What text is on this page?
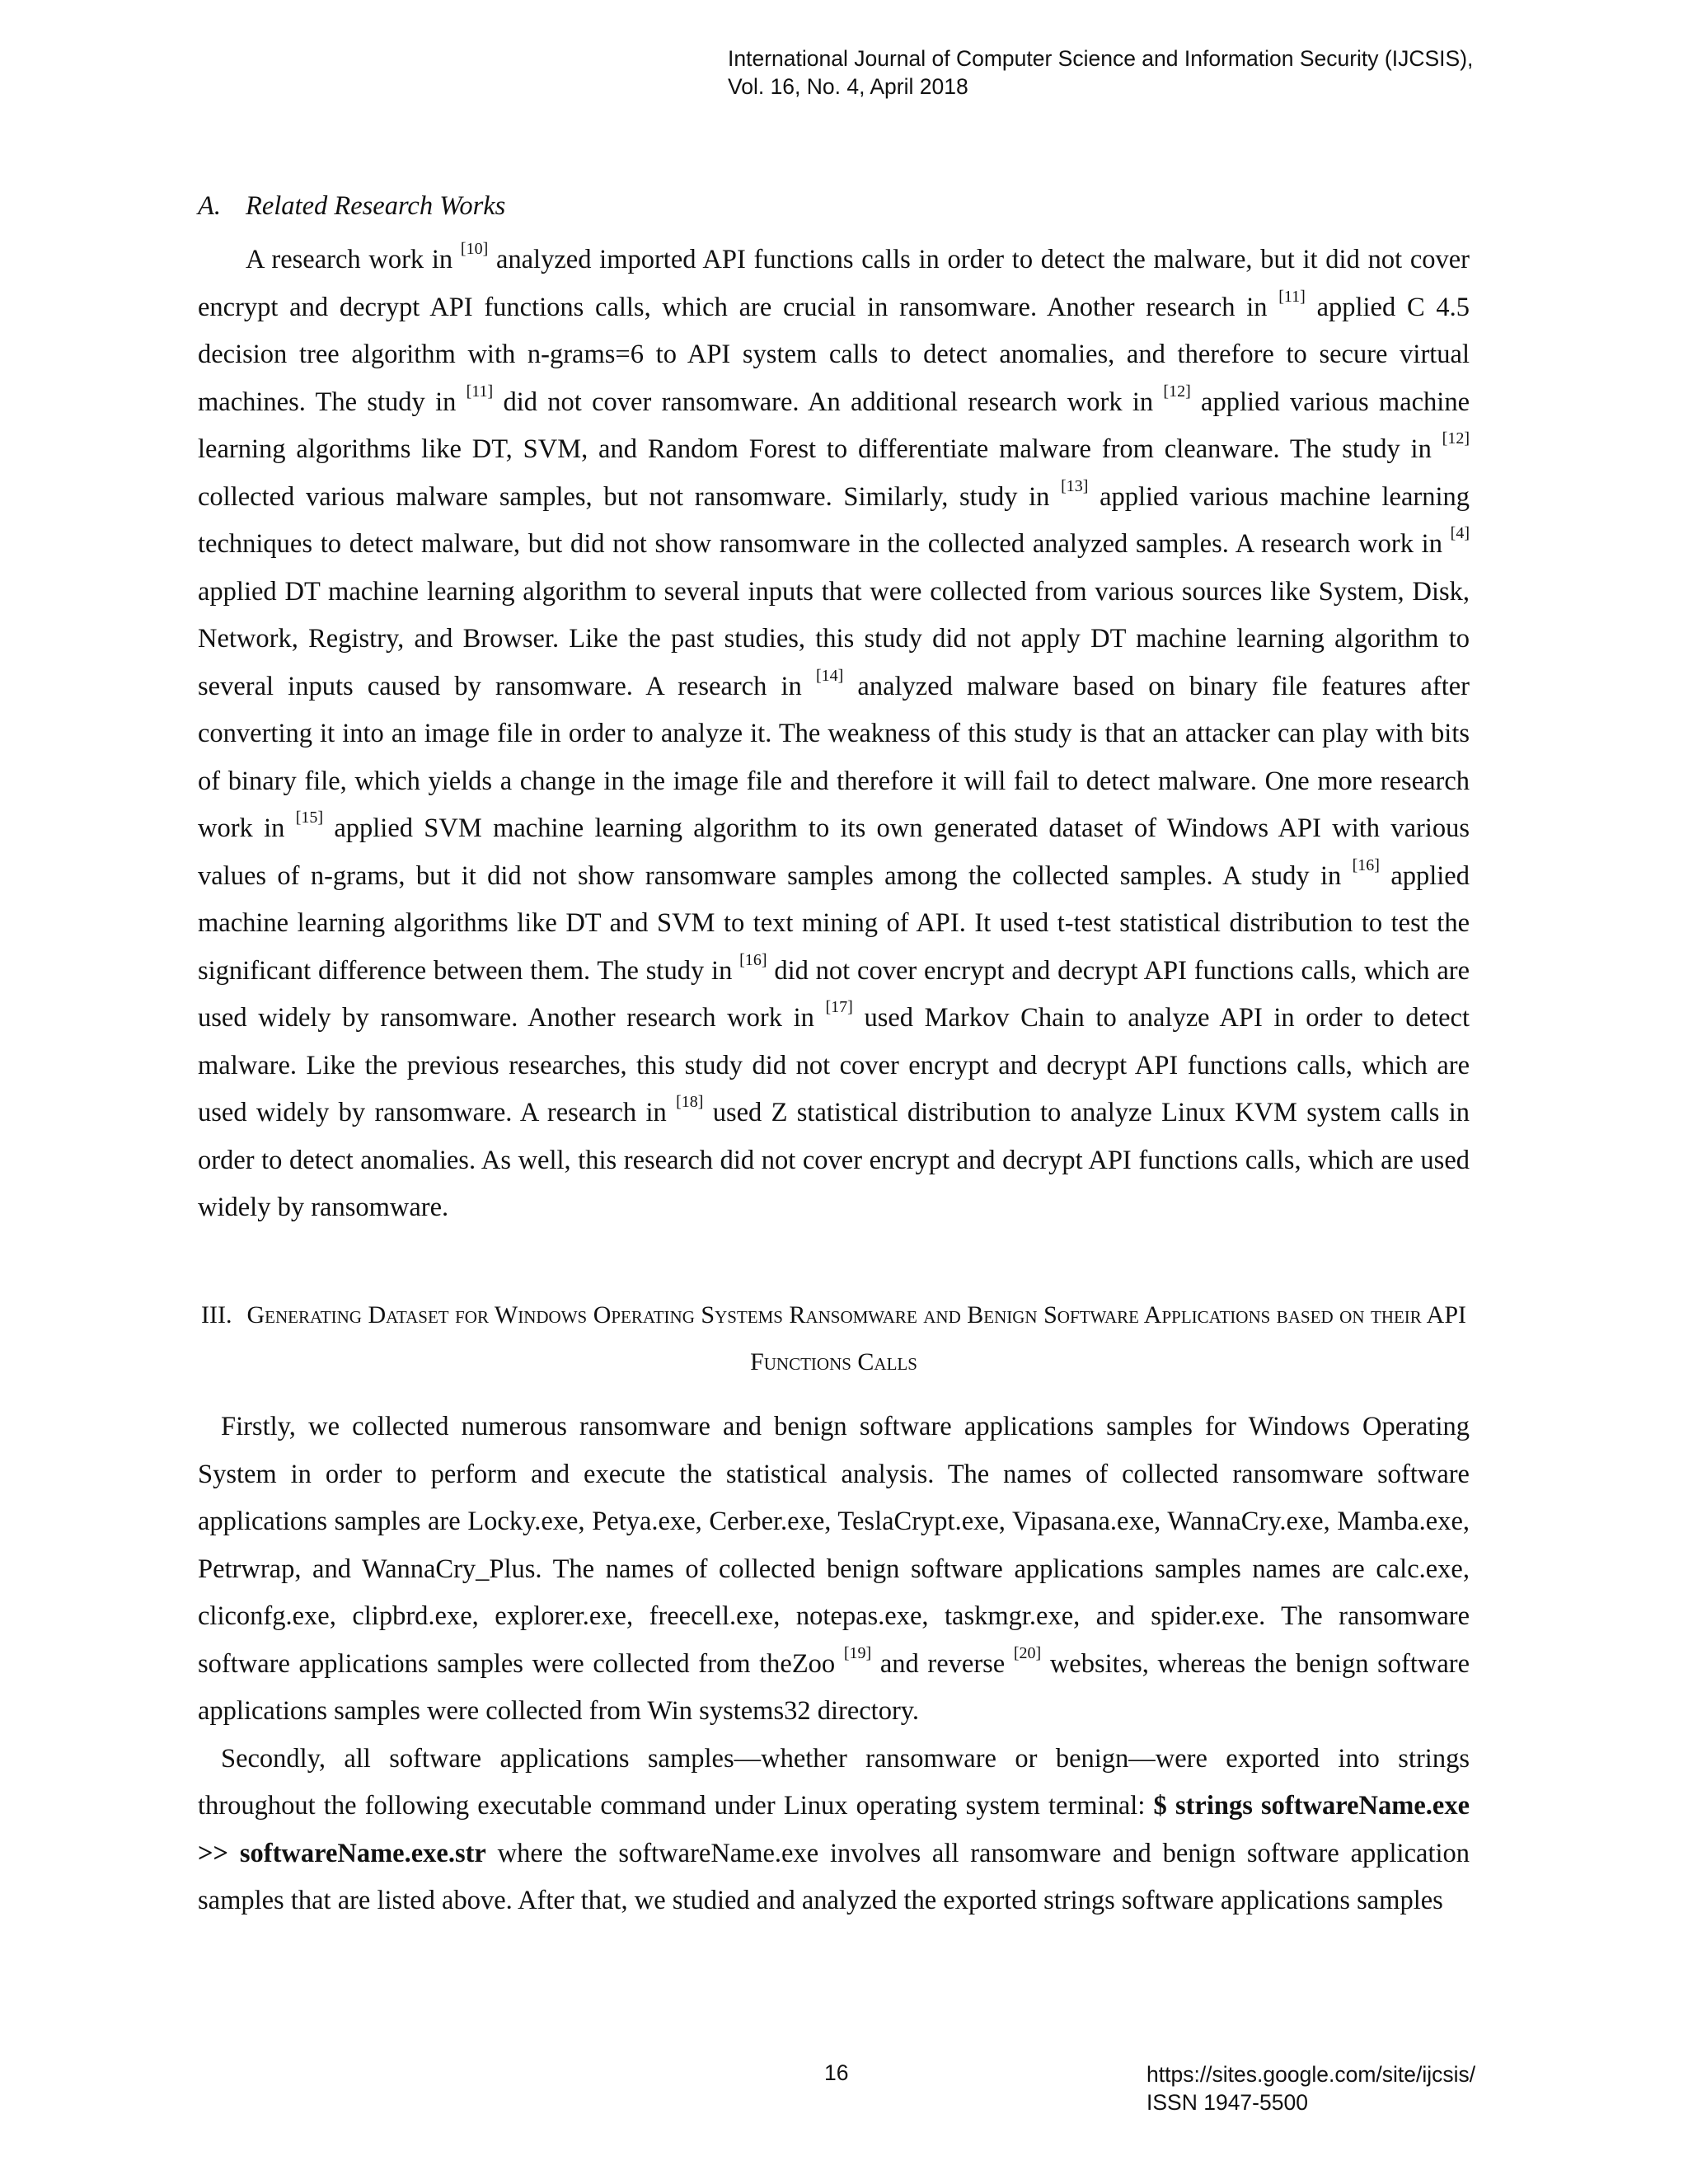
International Journal of Computer Science and Information Security (IJCSIS),
Vol. 16, No. 4, April 2018
A. Related Research Works

A research work in [10] analyzed imported API functions calls in order to detect the malware, but it did not cover encrypt and decrypt API functions calls, which are crucial in ransomware. Another research in [11] applied C 4.5 decision tree algorithm with n-grams=6 to API system calls to detect anomalies, and therefore to secure virtual machines. The study in [11] did not cover ransomware. An additional research work in [12] applied various machine learning algorithms like DT, SVM, and Random Forest to differentiate malware from cleanware. The study in [12] collected various malware samples, but not ransomware. Similarly, study in [13] applied various machine learning techniques to detect malware, but did not show ransomware in the collected analyzed samples. A research work in [4] applied DT machine learning algorithm to several inputs that were collected from various sources like System, Disk, Network, Registry, and Browser. Like the past studies, this study did not apply DT machine learning algorithm to several inputs caused by ransomware. A research in [14] analyzed malware based on binary file features after converting it into an image file in order to analyze it. The weakness of this study is that an attacker can play with bits of binary file, which yields a change in the image file and therefore it will fail to detect malware. One more research work in [15] applied SVM machine learning algorithm to its own generated dataset of Windows API with various values of n-grams, but it did not show ransomware samples among the collected samples. A study in [16] applied machine learning algorithms like DT and SVM to text mining of API. It used t-test statistical distribution to test the significant difference between them. The study in [16] did not cover encrypt and decrypt API functions calls, which are used widely by ransomware. Another research work in [17] used Markov Chain to analyze API in order to detect malware. Like the previous researches, this study did not cover encrypt and decrypt API functions calls, which are used widely by ransomware. A research in [18] used Z statistical distribution to analyze Linux KVM system calls in order to detect anomalies. As well, this research did not cover encrypt and decrypt API functions calls, which are used widely by ransomware.

III. Generating Dataset for Windows Operating Systems Ransomware and Benign Software Applications based on their API Functions Calls

Firstly, we collected numerous ransomware and benign software applications samples for Windows Operating System in order to perform and execute the statistical analysis. The names of collected ransomware software applications samples are Locky.exe, Petya.exe, Cerber.exe, TeslaCrypt.exe, Vipasana.exe, WannaCry.exe, Mamba.exe, Petrwrap, and WannaCry_Plus. The names of collected benign software applications samples names are calc.exe, cliconfg.exe, clipbrd.exe, explorer.exe, freecell.exe, notepas.exe, taskmgr.exe, and spider.exe. The ransomware software applications samples were collected from theZoo [19] and reverse [20] websites, whereas the benign software applications samples were collected from Win systems32 directory.

Secondly, all software applications samples—whether ransomware or benign—were exported into strings throughout the following executable command under Linux operating system terminal: $ strings softwareName.exe >> softwareName.exe.str where the softwareName.exe involves all ransomware and benign software application samples that are listed above. After that, we studied and analyzed the exported strings software applications samples

16	https://sites.google.com/site/ijcsis/
ISSN 1947-5500
